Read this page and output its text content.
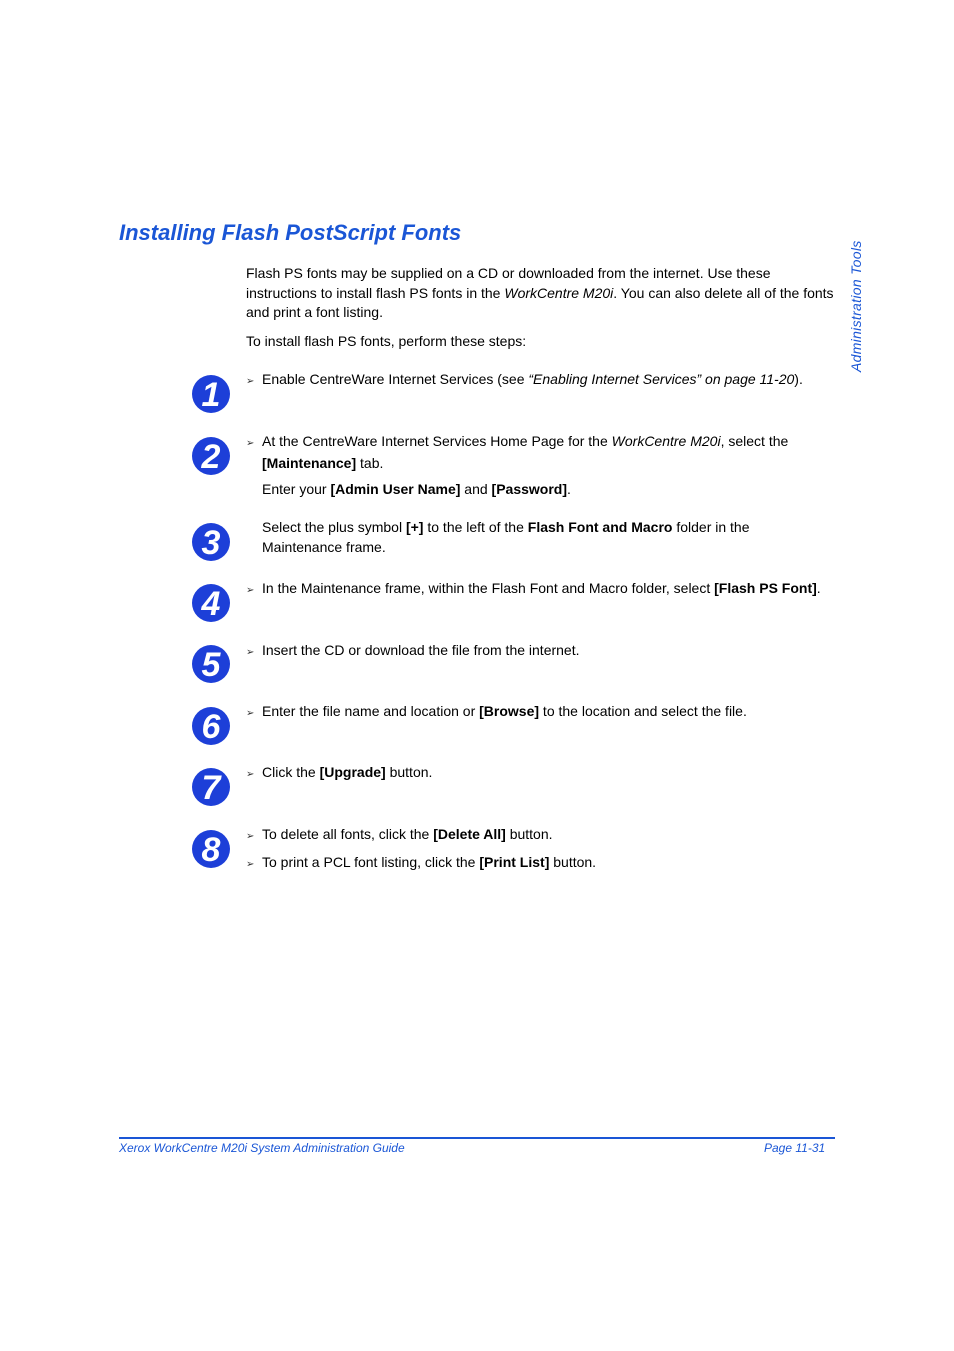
Installing Flash PostScript Fonts
Administration Tools

Flash PS fonts may be supplied on a CD or downloaded from the internet. Use these instructions to install flash PS fonts in the WorkCentre M20i. You can also delete all of the fonts and print a font listing.

To install flash PS fonts, perform these steps:

1
2
3
4
5
6
7
8
➢ Enable CentreWare Internet Services (see “Enabling Internet Services” on page 11-20).
➢ At the CentreWare Internet Services Home Page for the WorkCentre M20i, select the [Maintenance] tab.
Enter your [Admin User Name] and [Password].
Select the plus symbol [+] to the left of the Flash Font and Macro folder in the Maintenance frame.
➢ In the Maintenance frame, within the Flash Font and Macro folder, select [Flash PS Font].
➢ Insert the CD or download the file from the internet.
➢ Enter the file name and location or [Browse] to the location and select the file.
➢ Click the [Upgrade] button.
➢ To delete all fonts, click the [Delete All] button.
➢ To print a PCL font listing, click the [Print List] button.
Xerox WorkCentre M20i System Administration Guide	Page 11-31
